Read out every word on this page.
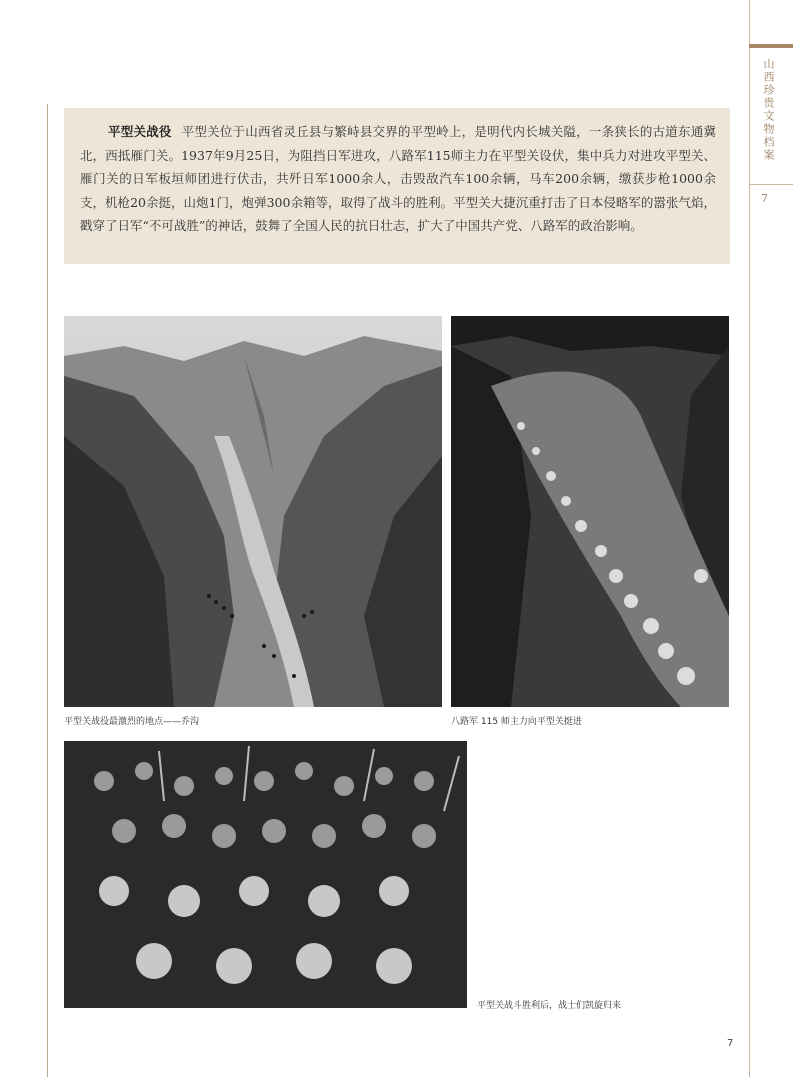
山西珍贵文物档案
7
平型关战役 平型关位于山西省灵丘县与繁峙县交界的平型岭上，是明代内长城关隘，一条狭长的古道东通冀北，西抵雁门关。1937年9月25日，为阻挡日军进攻，八路军115师主力在平型关设伏，集中兵力对进攻平型关、雁门关的日军板垣师团进行伏击，共歼日军1000余人，击毁敌汽车100余辆，马车200余辆，缴获步枪1000余支，机枪20余挺，山炮1门，炮弹300余箱等，取得了战斗的胜利。平型关大捷沉重打击了日本侵略军的嚣张气焰，戳穿了日军“不可战胜”的神话，鼓舞了全国人民的抗日壮志，扩大了中国共产党、八路军的政治影响。
平型关战役最激烈的地点——乔沟	八路军 115 师主力向平型关挺进
平型关战斗胜利后，战士们凯旋归来
7
